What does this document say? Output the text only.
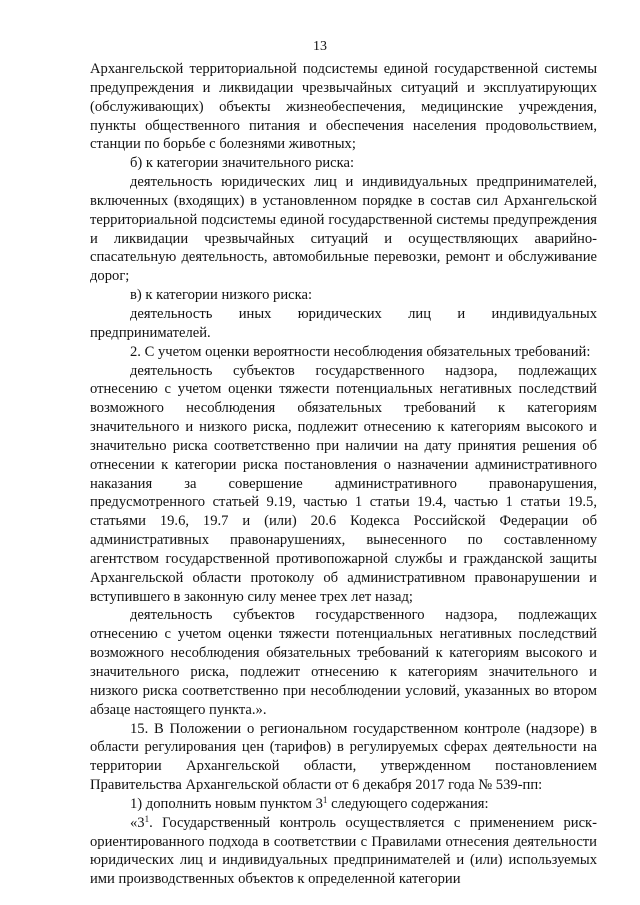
13

Архангельской территориальной подсистемы единой государственной системы предупреждения и ликвидации чрезвычайных ситуаций и эксплуатирующих (обслуживающих) объекты жизнеобеспечения, медицинские учреждения, пункты общественного питания и обеспечения населения продовольствием, станции по борьбе с болезнями животных;

б) к категории значительного риска:

деятельность юридических лиц и индивидуальных предпринимателей, включенных (входящих) в установленном порядке в состав сил Архангельской территориальной подсистемы единой государственной системы предупреждения и ликвидации чрезвычайных ситуаций и осуществляющих аварийно-спасательную деятельность, автомобильные перевозки, ремонт и обслуживание дорог;

в) к категории низкого риска:

деятельность иных юридических лиц и индивидуальных предпринимателей.

2. С учетом оценки вероятности несоблюдения обязательных требований:

деятельность субъектов государственного надзора, подлежащих отнесению с учетом оценки тяжести потенциальных негативных последствий возможного несоблюдения обязательных требований к категориям значительного и низкого риска, подлежит отнесению к категориям высокого и значительно риска соответственно при наличии на дату принятия решения об отнесении к категории риска постановления о назначении административного наказания за совершение административного правонарушения, предусмотренного статьей 9.19, частью 1 статьи 19.4, частью 1 статьи 19.5, статьями 19.6, 19.7 и (или) 20.6 Кодекса Российской Федерации об административных правонарушениях, вынесенного по составленному агентством государственной противопожарной службы и гражданской защиты Архангельской области протоколу об административном правонарушении и вступившего в законную силу менее трех лет назад;

деятельность субъектов государственного надзора, подлежащих отнесению с учетом оценки тяжести потенциальных негативных последствий возможного несоблюдения обязательных требований к категориям высокого и значительного риска, подлежит отнесению к категориям значительного и низкого риска соответственно при несоблюдении условий, указанных во втором абзаце настоящего пункта.».

15. В Положении о региональном государственном контроле (надзоре) в области регулирования цен (тарифов) в регулируемых сферах деятельности на территории Архангельской области, утвержденном постановлением Правительства Архангельской области от 6 декабря 2017 года № 539-пп:

1) дополнить новым пунктом $3^1$ следующего содержания:

«$3^1$. Государственный контроль осуществляется с применением риск-ориентированного подхода в соответствии с Правилами отнесения деятельности юридических лиц и индивидуальных предпринимателей и (или) используемых ими производственных объектов к определенной категории
